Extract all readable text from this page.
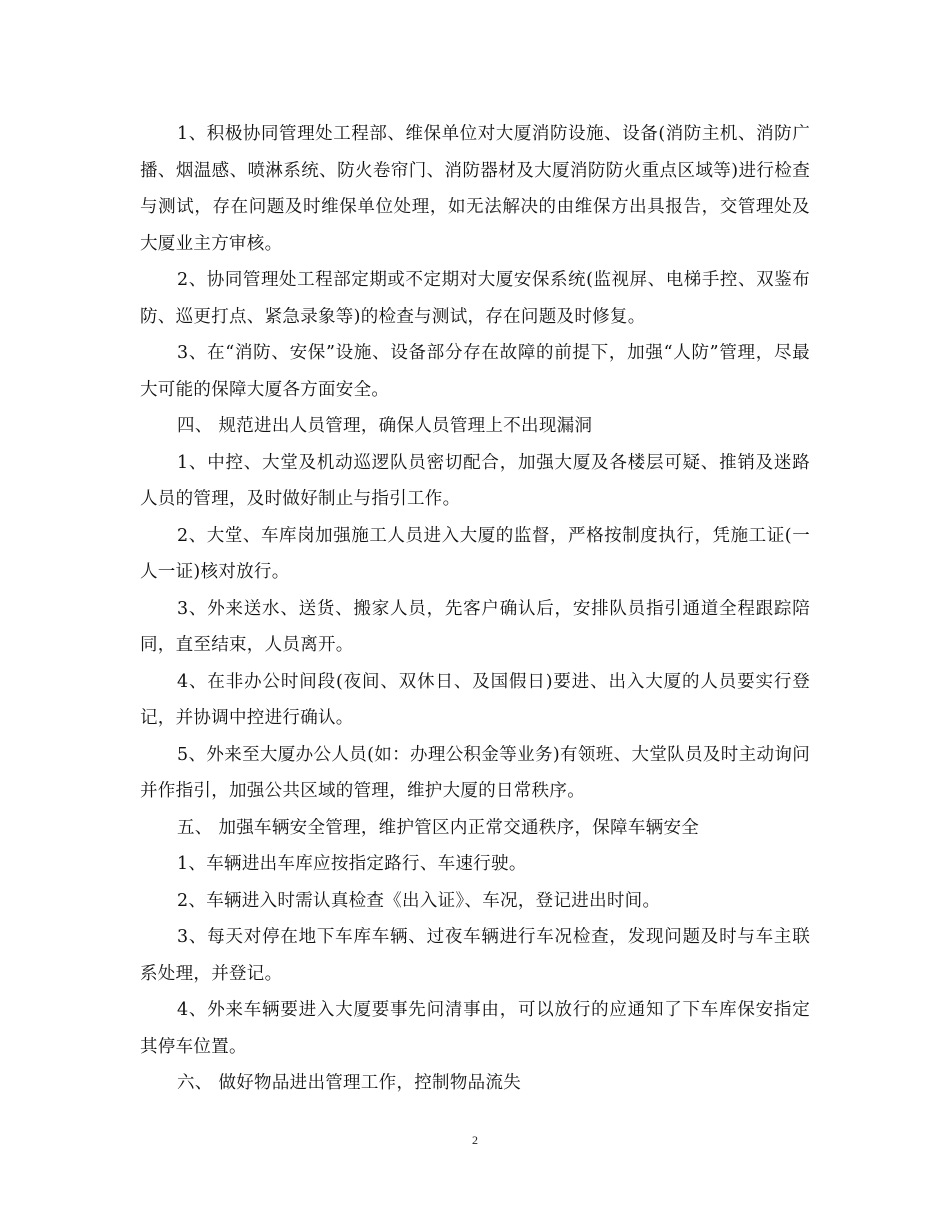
1、积极协同管理处工程部、维保单位对大厦消防设施、设备(消防主机、消防广播、烟温感、喷淋系统、防火卷帘门、消防器材及大厦消防防火重点区域等)进行检查与测试，存在问题及时维保单位处理，如无法解决的由维保方出具报告，交管理处及大厦业主方审核。

2、协同管理处工程部定期或不定期对大厦安保系统(监视屏、电梯手控、双鉴布防、巡更打点、紧急录象等)的检查与测试，存在问题及时修复。

3、在“消防、安保”设施、设备部分存在故障的前提下，加强“人防”管理，尽最大可能的保障大厦各方面安全。

四、 规范进出人员管理，确保人员管理上不出现漏洞

1、中控、大堂及机动巡逻队员密切配合，加强大厦及各楼层可疑、推销及迷路人员的管理，及时做好制止与指引工作。

2、大堂、车库岗加强施工人员进入大厦的监督，严格按制度执行，凭施工证(一人一证)核对放行。

3、外来送水、送货、搬家人员，先客户确认后，安排队员指引通道全程跟踪陪同，直至结束，人员离开。

4、在非办公时间段(夜间、双休日、及国假日)要进、出入大厦的人员要实行登记，并协调中控进行确认。

5、外来至大厦办公人员(如：办理公积金等业务)有领班、大堂队员及时主动询问并作指引，加强公共区域的管理，维护大厦的日常秩序。

五、 加强车辆安全管理，维护管区内正常交通秩序，保障车辆安全

1、车辆进出车库应按指定路行、车速行驶。

2、车辆进入时需认真检查《出入证》、车况，登记进出时间。

3、每天对停在地下车库车辆、过夜车辆进行车况检查，发现问题及时与车主联系处理，并登记。

4、外来车辆要进入大厦要事先问清事由，可以放行的应通知了下车库保安指定其停车位置。

六、 做好物品进出管理工作，控制物品流失

2
